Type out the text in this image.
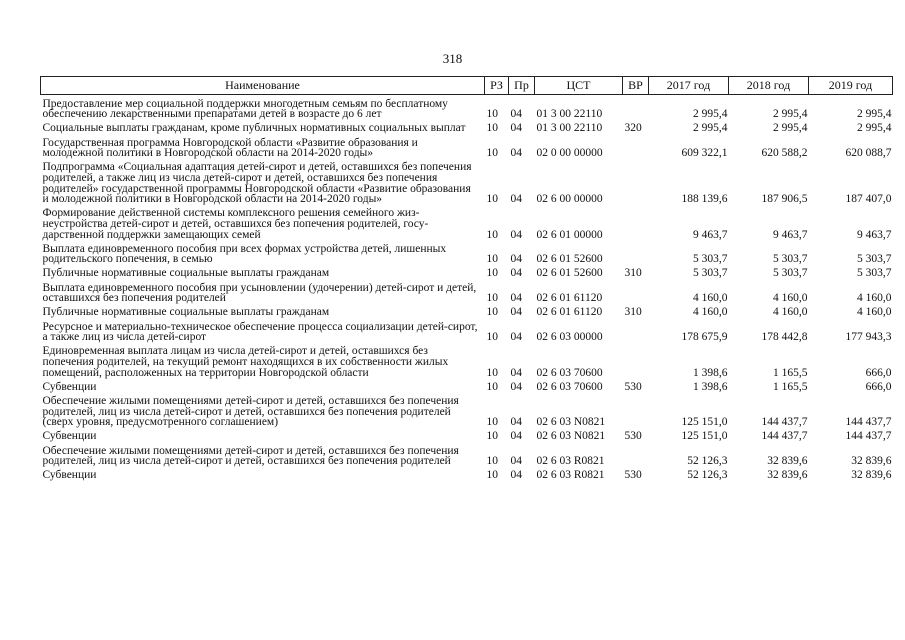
318
Наименование	РЗ	Пр	ЦСТ	ВР	2017 год	2018 год	2019 год
Предоставление мер социальной поддержки многодетным семьям по бесплатному обеспечению лекарственными препаратами детей в возрасте до 6 лет	10	04	01 3 00 22110		2 995,4	2 995,4	2 995,4
Социальные выплаты гражданам, кроме публичных нормативных социальных выплат	10	04	01 3 00 22110	320	2 995,4	2 995,4	2 995,4
Государственная программа Новгородской области «Развитие образования и молодежной политики в Новгородской области на 2014-2020 годы»	10	04	02 0 00 00000		609 322,1	620 588,2	620 088,7
Подпрограмма «Социальная адаптация детей-сирот и детей, оставшихся без попечения родителей, а также лиц из числа детей-сирот и детей, оставшихся без попечения родителей» государственной программы Новгородской области «Развитие образования и молодежной политики в Новгородской области на 2014-2020 годы»	10	04	02 6 00 00000		188 139,6	187 906,5	187 407,0
Формирование действенной системы комплексного решения семейного жизнеустройства детей-сирот и детей, оставшихся без попечения родителей, государственной поддержки замещающих семей	10	04	02 6 01 00000		9 463,7	9 463,7	9 463,7
Выплата единовременного пособия при всех формах устройства детей, лишенных родительского попечения, в семью	10	04	02 6 01 52600		5 303,7	5 303,7	5 303,7
Публичные нормативные социальные выплаты гражданам	10	04	02 6 01 52600	310	5 303,7	5 303,7	5 303,7
Выплата единовременного пособия при усыновлении (удочерении) детей-сирот и детей, оставшихся без попечения родителей	10	04	02 6 01 61120		4 160,0	4 160,0	4 160,0
Публичные нормативные социальные выплаты гражданам	10	04	02 6 01 61120	310	4 160,0	4 160,0	4 160,0
Ресурсное и материально-техническое обеспечение процесса социализации детей-сирот, а также лиц из числа детей-сирот	10	04	02 6 03 00000		178 675,9	178 442,8	177 943,3
Единовременная выплата лицам из числа детей-сирот и детей, оставшихся без попечения родителей, на текущий ремонт находящихся в их собственности жилых помещений, расположенных на территории Новгородской области	10	04	02 6 03 70600		1 398,6	1 165,5	666,0
Субвенции	10	04	02 6 03 70600	530	1 398,6	1 165,5	666,0
Обеспечение жилыми помещениями детей-сирот и детей, оставшихся без попечения родителей, лиц из числа детей-сирот и детей, оставшихся без попечения родителей (сверх уровня, предусмотренного соглашением)	10	04	02 6 03 N0821		125 151,0	144 437,7	144 437,7
Субвенции	10	04	02 6 03 N0821	530	125 151,0	144 437,7	144 437,7
Обеспечение жилыми помещениями детей-сирот и детей, оставшихся без попечения родителей, лиц из числа детей-сирот и детей, оставшихся без попечения родителей	10	04	02 6 03 R0821		52 126,3	32 839,6	32 839,6
Субвенции	10	04	02 6 03 R0821	530	52 126,3	32 839,6	32 839,6
